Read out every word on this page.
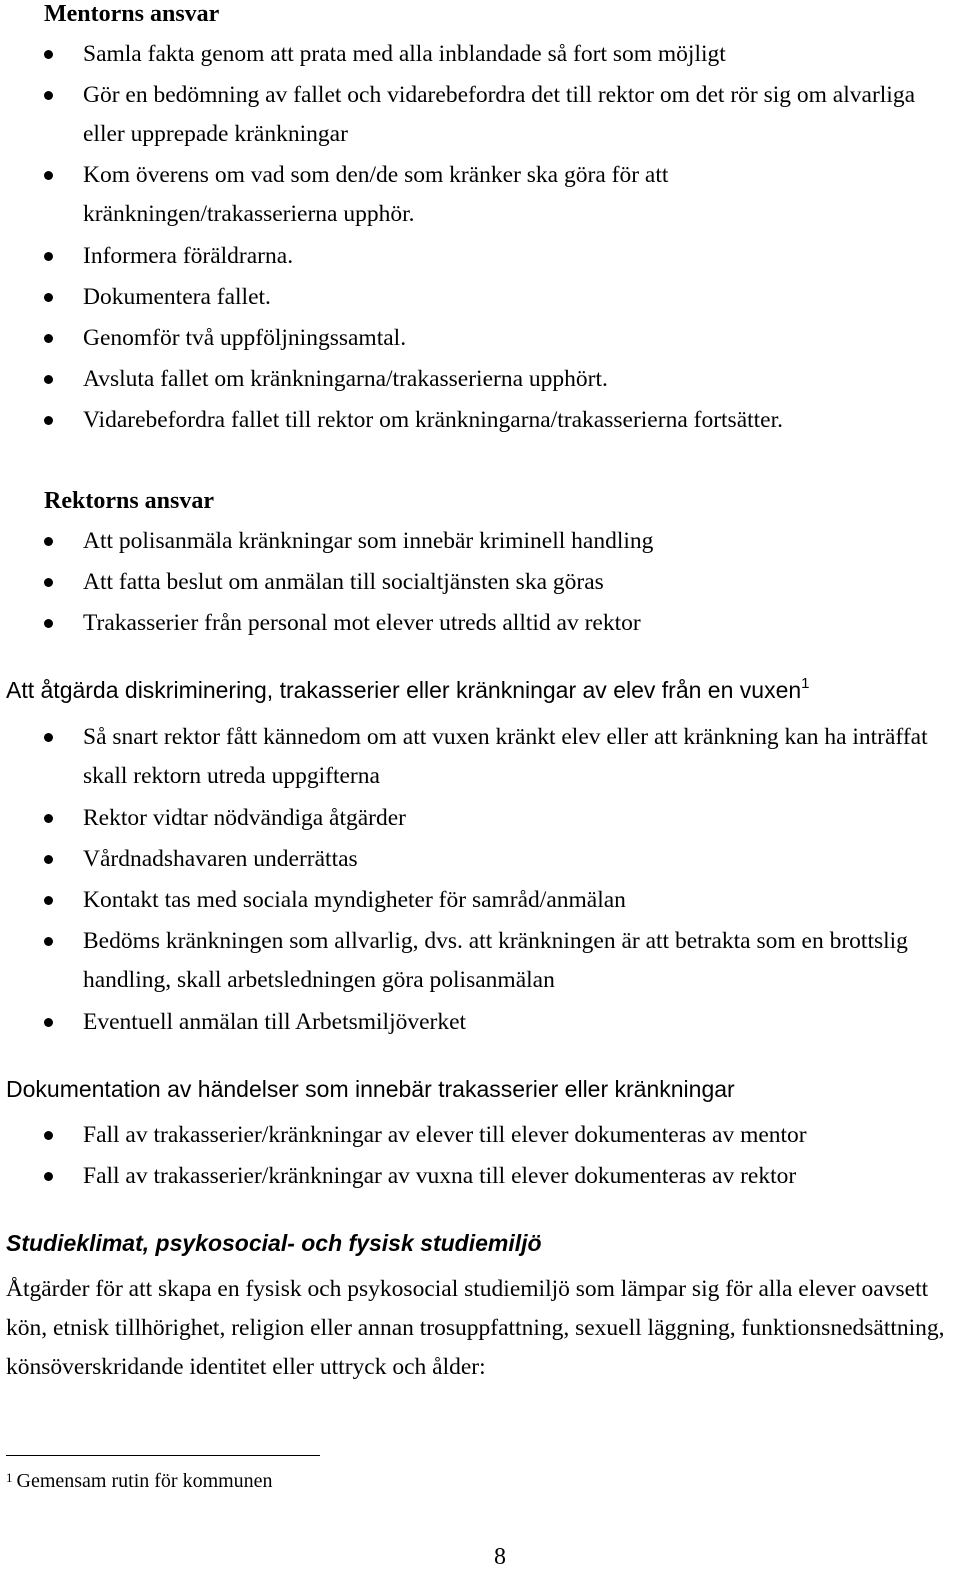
Mentorns ansvar
Samla fakta genom att prata med alla inblandade så fort som möjligt
Gör en bedömning av fallet och vidarebefordra det till rektor om det rör sig om alvarliga eller upprepade kränkningar
Kom överens om vad som den/de som kränker ska göra för att kränkningen/trakasserierna upphör.
Informera föräldrarna.
Dokumentera fallet.
Genomför två uppföljningssamtal.
Avsluta fallet om kränkningarna/trakasserierna upphört.
Vidarebefordra fallet till rektor om kränkningarna/trakasserierna fortsätter.
Rektorns ansvar
Att polisanmäla kränkningar som innebär kriminell handling
Att fatta beslut om anmälan till socialtjänsten ska göras
Trakasserier från personal mot elever utreds alltid av rektor
Att åtgärda diskriminering, trakasserier eller kränkningar av elev från en vuxen$^1$
Så snart rektor fått kännedom om att vuxen kränkt elev eller att kränkning kan ha inträffat skall rektorn utreda uppgifterna
Rektor vidtar nödvändiga åtgärder
Vårdnadshavaren underrättas
Kontakt tas med sociala myndigheter för samråd/anmälan
Bedöms kränkningen som allvarlig, dvs. att kränkningen är att betrakta som en brottslig handling, skall arbetsledningen göra polisanmälan
Eventuell anmälan till Arbetsmiljöverket
Dokumentation av händelser som innebär trakasserier eller kränkningar
Fall av trakasserier/kränkningar av elever till elever dokumenteras av mentor
Fall av trakasserier/kränkningar av vuxna till elever dokumenteras av rektor
Studieklimat, psykosocial- och fysisk studiemiljö

Åtgärder för att skapa en fysisk och psykosocial studiemiljö som lämpar sig för alla elever oavsett kön, etnisk tillhörighet, religion eller annan trosuppfattning, sexuell läggning, funktionsnedsättning, könsöverskridande identitet eller uttryck och ålder:

$^1$ Gemensam rutin för kommunen

8
